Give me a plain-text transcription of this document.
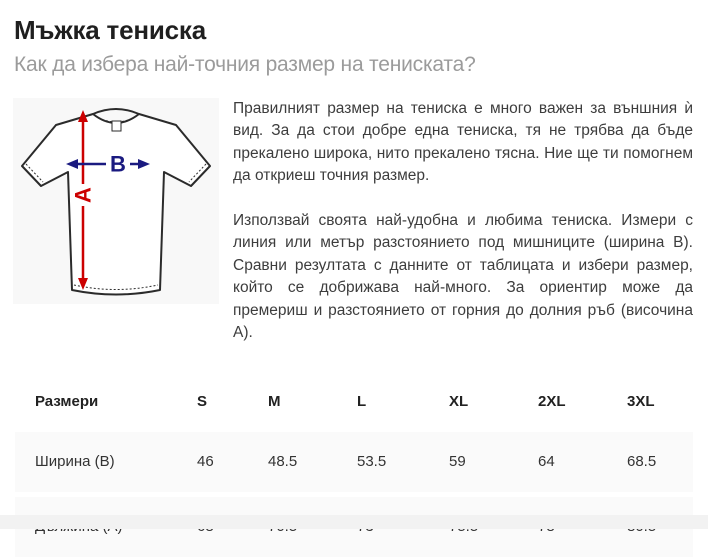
Мъжка тениска
Как да избера най-точния размер на тениската?
A
B

Правилният размер на тениска е много важен за външния ѝ вид. За да стои добре една тениска, тя не трябва да бъде прекалено широка, нито прекалено тясна. Ние ще ти помогнем да откриеш точния размер.

Използвай своята най-удобна и любима тениска. Измери с линия или метър разстоянието под мишниците (ширина B). Сравни резултата с данните от таблицата и избери размер, който се добрижава най-много. За ориентир може да премериш и разстоянието от горния до долния ръб (височина A).

Размери	S	M	L	XL	2XL	3XL
Ширина (B)	46	48.5	53.5	59	64	68.5
